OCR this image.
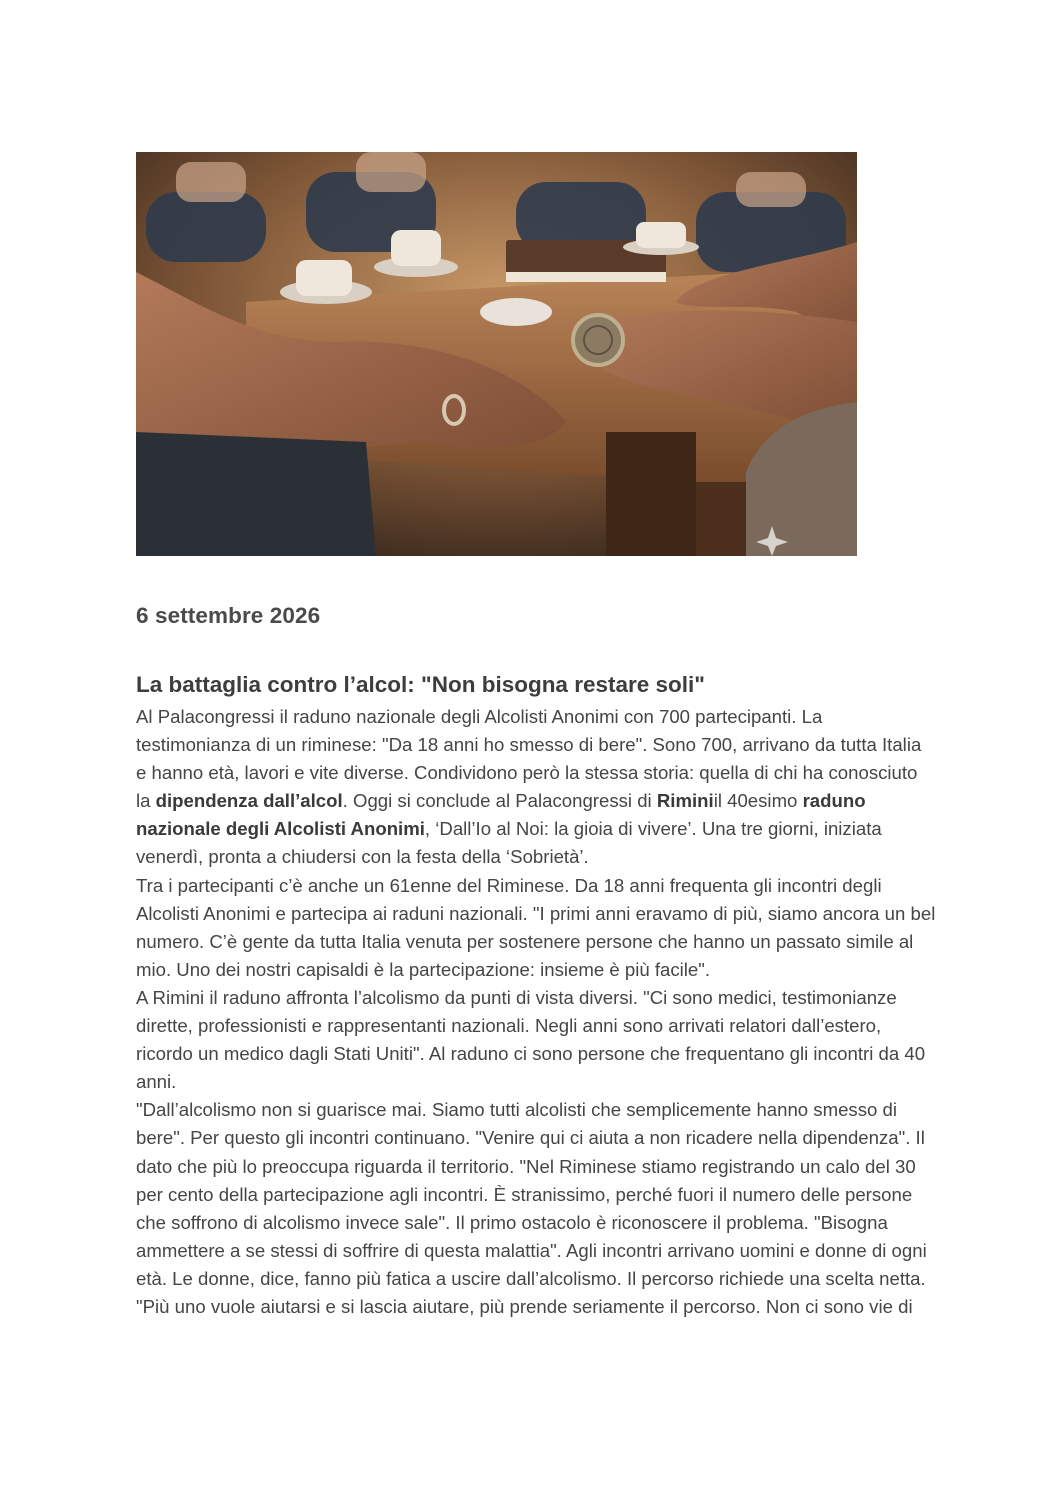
6 settembre 2026
La battaglia contro l’alcol: "Non bisogna restare soli"

Al Palacongressi il raduno nazionale degli Alcolisti Anonimi con 700 partecipanti. La testimonianza di un riminese: "Da 18 anni ho smesso di bere". Sono 700, arrivano da tutta Italia e hanno età, lavori e vite diverse. Condividono però la stessa storia: quella di chi ha conosciuto la dipendenza dall’alcol. Oggi si conclude al Palacongressi di Riminiil 40esimo raduno nazionale degli Alcolisti Anonimi, ‘Dall’Io al Noi: la gioia di vivere’. Una tre giorni, iniziata venerdì, pronta a chiudersi con la festa della ‘Sobrietà’.

Tra i partecipanti c’è anche un 61enne del Riminese. Da 18 anni frequenta gli incontri degli Alcolisti Anonimi e partecipa ai raduni nazionali. "I primi anni eravamo di più, siamo ancora un bel numero. C’è gente da tutta Italia venuta per sostenere persone che hanno un passato simile al mio. Uno dei nostri capisaldi è la partecipazione: insieme è più facile".

A Rimini il raduno affronta l’alcolismo da punti di vista diversi. "Ci sono medici, testimonianze dirette, professionisti e rappresentanti nazionali. Negli anni sono arrivati relatori dall’estero, ricordo un medico dagli Stati Uniti". Al raduno ci sono persone che frequentano gli incontri da 40 anni.

"Dall’alcolismo non si guarisce mai. Siamo tutti alcolisti che semplicemente hanno smesso di bere". Per questo gli incontri continuano. "Venire qui ci aiuta a non ricadere nella dipendenza". Il dato che più lo preoccupa riguarda il territorio. "Nel Riminese stiamo registrando un calo del 30 per cento della partecipazione agli incontri. È stranissimo, perché fuori il numero delle persone che soffrono di alcolismo invece sale". Il primo ostacolo è riconoscere il problema. "Bisogna ammettere a se stessi di soffrire di questa malattia". Agli incontri arrivano uomini e donne di ogni età. Le donne, dice, fanno più fatica a uscire dall’alcolismo. Il percorso richiede una scelta netta. "Più uno vuole aiutarsi e si lascia aiutare, più prende seriamente il percorso. Non ci sono vie di
